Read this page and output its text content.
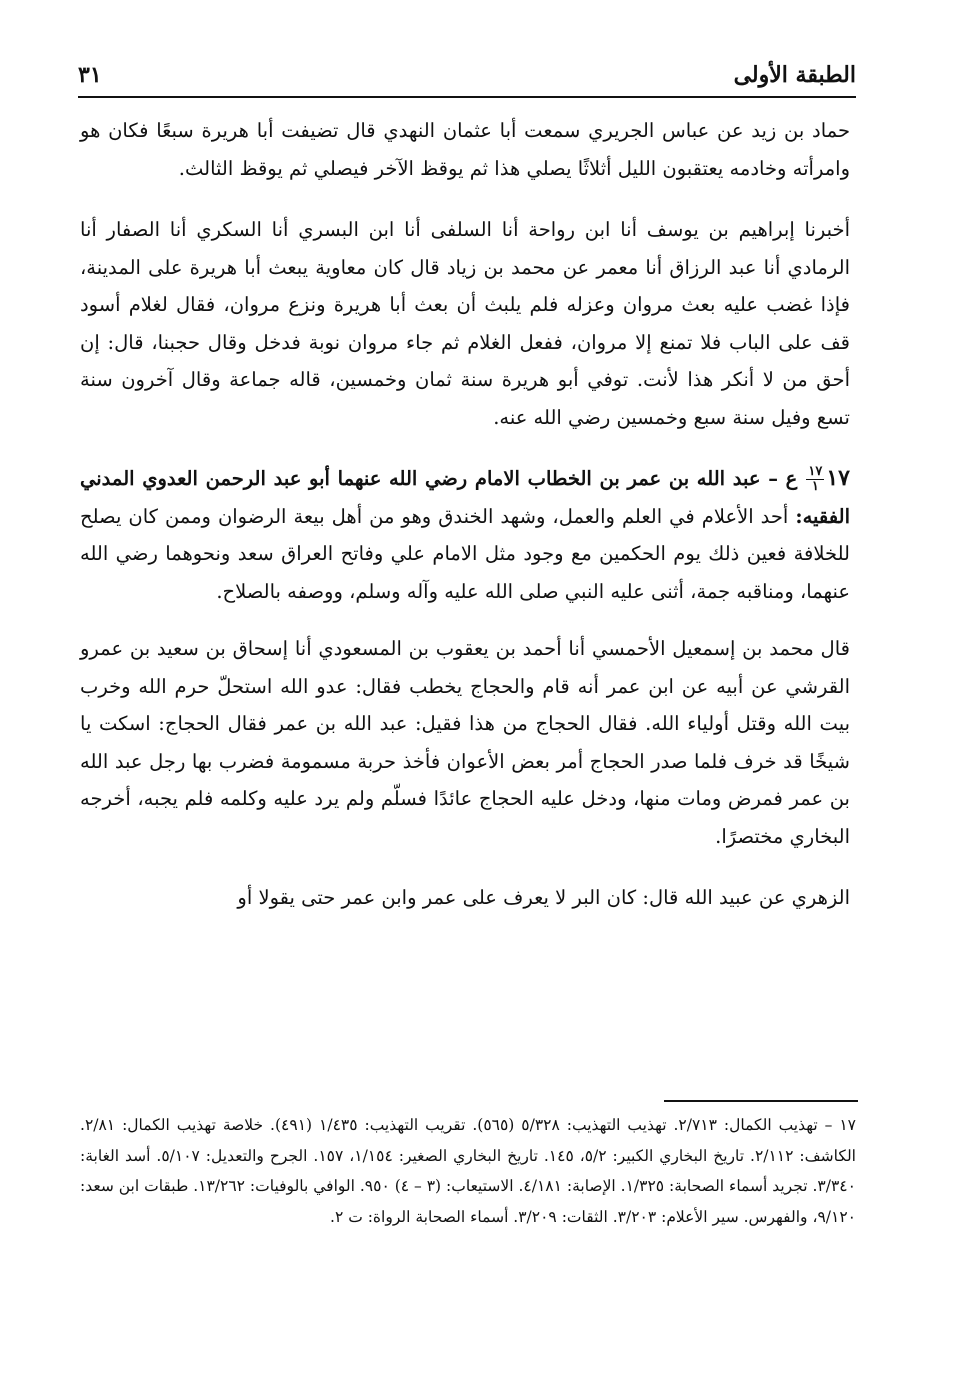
الطبقة الأولى
٣١

حماد بن زيد عن عباس الجريري سمعت أبا عثمان النهدي قال تضيفت أبا هريرة سبعًا فكان هو وامرأته وخادمه يعتقبون الليل أثلاثًا يصلي هذا ثم يوقظ الآخر فيصلي ثم يوقظ الثالث.

أخبرنا إبراهيم بن يوسف أنا ابن رواحة أنا السلفى أنا ابن البسري أنا السكري أنا الصفار أنا الرمادي أنا عبد الرزاق أنا معمر عن محمد بن زياد قال كان معاوية يبعث أبا هريرة على المدينة، فإذا غضب عليه بعث مروان وعزله فلم يلبث أن بعث أبا هريرة ونزع مروان، فقال لغلام أسود قف على الباب فلا تمنع إلا مروان، ففعل الغلام ثم جاء مروان نوبة فدخل وقال حجبنا، قال: إن أحق من لا أنكر هذا لأنت. توفي أبو هريرة سنة ثمان وخمسين، قاله جماعة وقال آخرون سنة تسع وفيل سنة سبع وخمسين رضي الله عنه.

١٧
$\frac{١٧}{١}$
ع – عبد الله بن عمر بن الخطاب الامام رضي الله عنهما أبو عبد الرحمن العدوي المدني الفقيه: أحد الأعلام في العلم والعمل، وشهد الخندق وهو من أهل بيعة الرضوان وممن كان يصلح للخلافة فعين ذلك يوم الحكمين مع وجود مثل الامام علي وفاتح العراق سعد ونحوهما رضي الله عنهما، ومناقبه جمة، أثنى عليه النبي صلى الله عليه وآله وسلم، ووصفه بالصلاح.

قال محمد بن إسمعيل الأحمسي أنا أحمد بن يعقوب بن المسعودي أنا إسحاق بن سعيد بن عمرو القرشي عن أبيه عن ابن عمر أنه قام والحجاج يخطب فقال: عدو الله استحلّ حرم الله وخرب بيت الله وقتل أولياء الله. فقال الحجاج من هذا فقيل: عبد الله بن عمر فقال الحجاج: اسكت يا شيخًا قد خرف فلما صدر الحجاج أمر بعض الأعوان فأخذ حربة مسمومة فضرب بها رجل عبد الله بن عمر فمرض ومات منها، ودخل عليه الحجاج عائدًا فسلّم ولم يرد عليه وكلمه فلم يجبه، أخرجه البخاري مختصرًا.

الزهري عن عبيد الله قال: كان البر لا يعرف على عمر وابن عمر حتى يقولا أو

١٧ – تهذيب الكمال: ٢/٧١٣. تهذيب التهذيب: ٥/٣٢٨ (٥٦٥). تقريب التهذيب: ١/٤٣٥ (٤٩١). خلاصة تهذيب الكمال: ٢/٨١. الكاشف: ٢/١١٢. تاريخ البخاري الكبير: ٥/٢، ١٤٥. تاريخ البخاري الصغير: ١/١٥٤، ١٥٧. الجرح والتعديل: ٥/١٠٧. أسد الغابة: ٣/٣٤٠. تجريد أسماء الصحابة: ١/٣٢٥. الإصابة: ٤/١٨١. الاستيعاب: (٣ – ٤) ٩٥٠. الوافي بالوفيات: ١٣/٢٦٢. طبقات ابن سعد: ٩/١٢٠، والفهرس. سير الأعلام: ٣/٢٠٣. الثقات: ٣/٢٠٩. أسماء الصحابة الرواة: ت ٢.
